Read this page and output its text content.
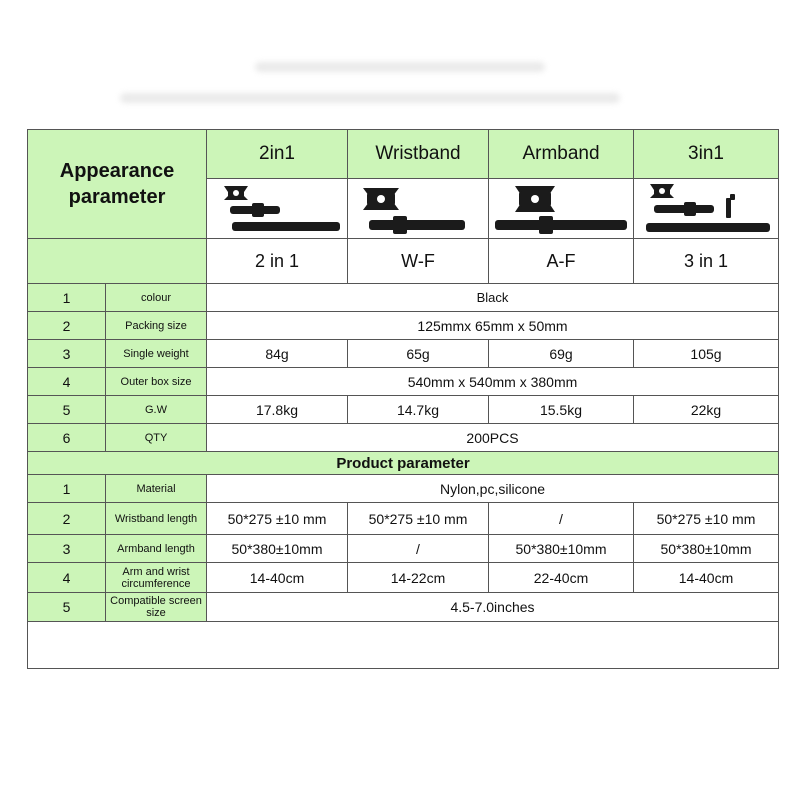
Appearance parameter
2in1	Wristband	Armband	3in1
2 in 1	W-F	A-F	3 in 1
1	colour	Black
2	Packing size	125mmx 65mm x 50mm
3	Single weight	84g	65g	69g	105g
4	Outer box size	540mm x 540mm x 380mm
5	G.W	17.8kg	14.7kg	15.5kg	22kg
6	QTY	200PCS
Product parameter
1	Material	Nylon,pc,silicone
2	Wristband length	50*275 ±10 mm	50*275 ±10 mm	/	50*275 ±10 mm
3	Armband length	50*380±10mm	/	50*380±10mm	50*380±10mm
4	Arm and wrist circumference	14-40cm	14-22cm	22-40cm	14-40cm
5	Compatible screen size	4.5-7.0inches
